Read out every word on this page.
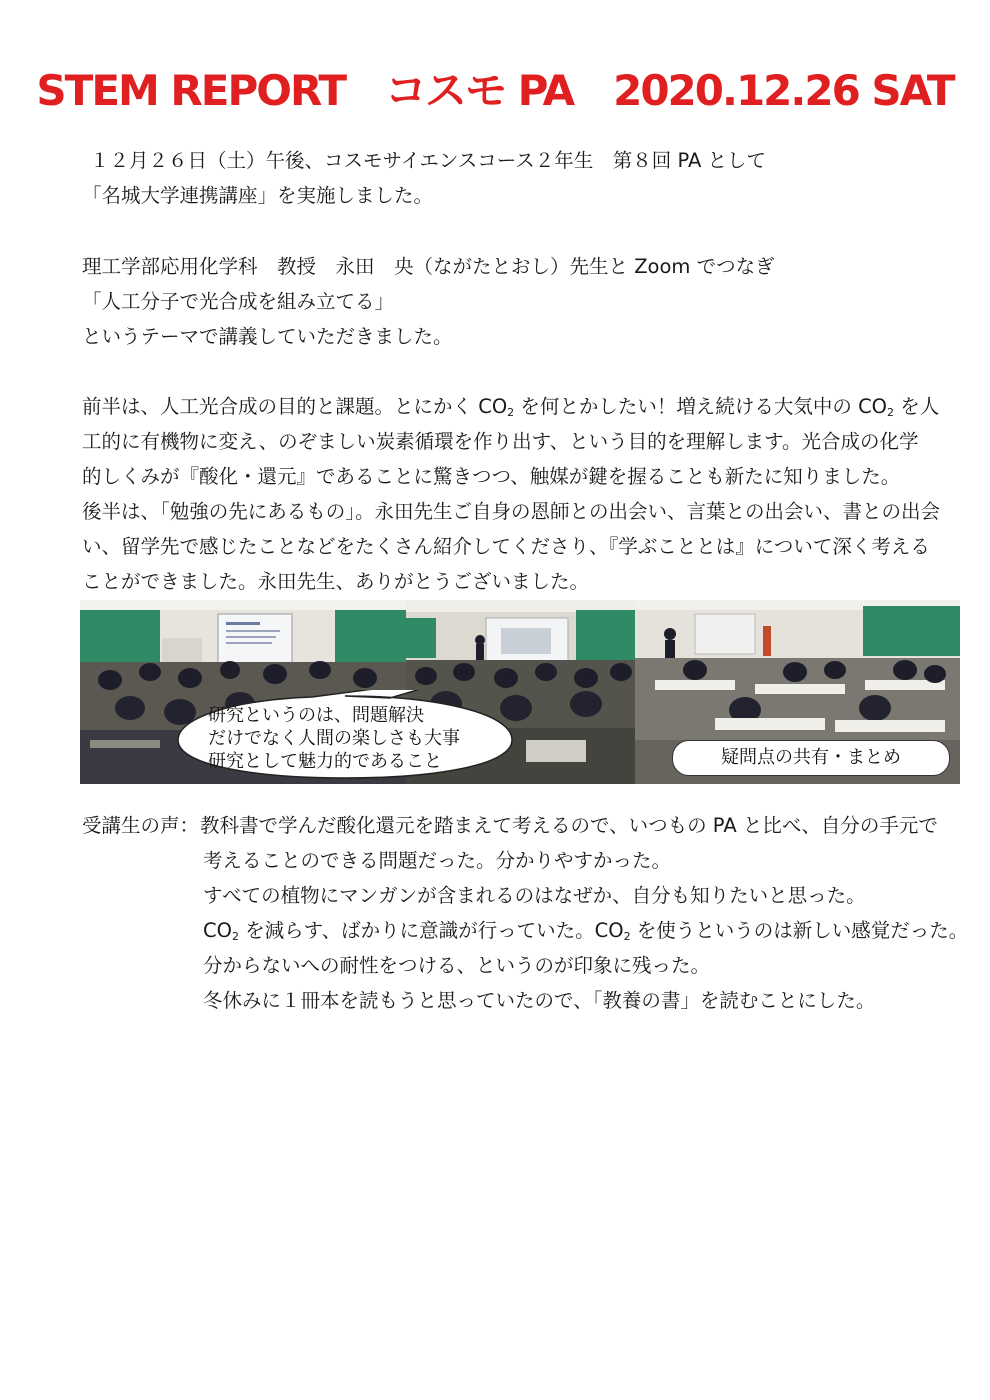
STEM REPORT　コスモ PA　2020.12.26 SAT
１２月２６日（土）午後、コスモサイエンスコース２年生　第８回 PA として
「名城大学連携講座」を実施しました。
理工学部応用化学科　教授　永田　央（ながたとおし）先生と Zoom でつなぎ
「人工分子で光合成を組み立てる」
というテーマで講義していただきました。
前半は、人工光合成の目的と課題。とにかく CO2 を何とかしたい！増え続ける大気中の CO2 を人
工的に有機物に変え、のぞましい炭素循環を作り出す、という目的を理解します。光合成の化学
的しくみが『酸化・還元』であることに驚きつつ、触媒が鍵を握ることも新たに知りました。
後半は、「勉強の先にあるもの」。永田先生ご自身の恩師との出会い、言葉との出会い、書との出会
い、留学先で感じたことなどをたくさん紹介してくださり、『学ぶこととは』について深く考える
ことができました。永田先生、ありがとうございました。
研究というのは、問題解決
だけでなく人間の楽しさも大事
研究として魅力的であること	疑問点の共有・まとめ
受講生の声： 教科書で学んだ酸化還元を踏まえて考えるので、いつもの PA と比べ、自分の手元で
考えることのできる問題だった。分かりやすかった。
すべての植物にマンガンが含まれるのはなぜか、自分も知りたいと思った。
CO2 を減らす、ばかりに意識が行っていた。CO2 を使うというのは新しい感覚だった。
分からないへの耐性をつける、というのが印象に残った。
冬休みに１冊本を読もうと思っていたので、「教養の書」を読むことにした。
